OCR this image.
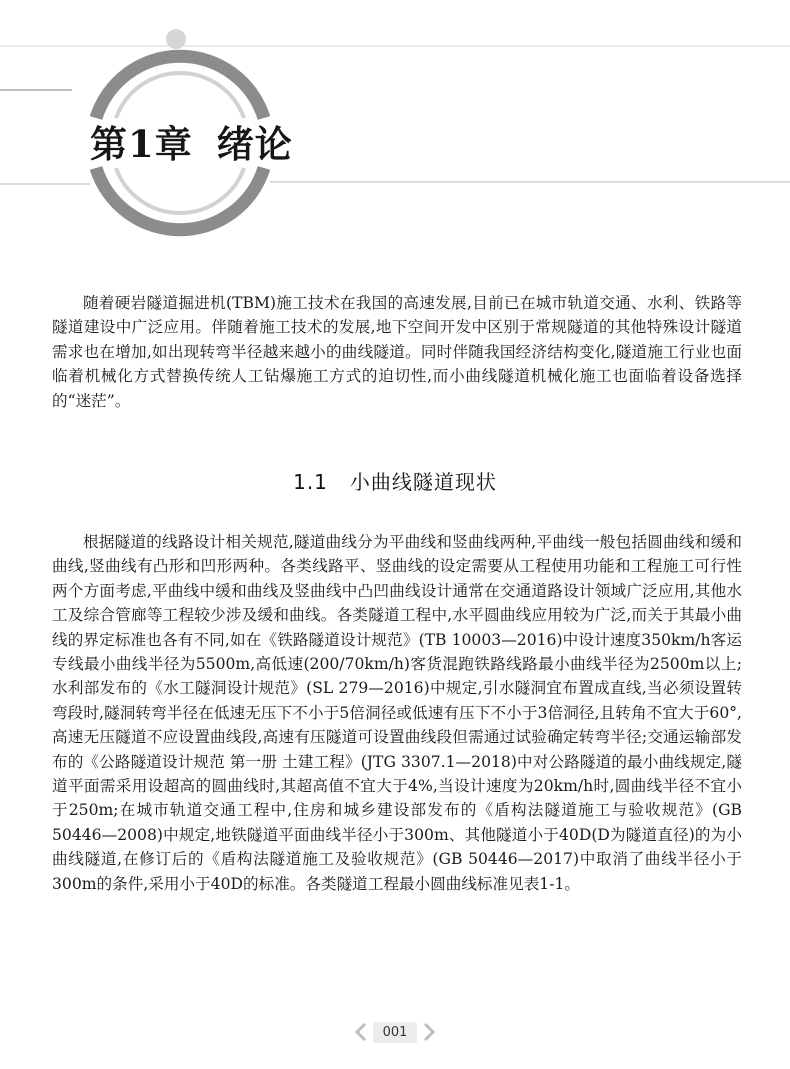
第1章 绪论

随着硬岩隧道掘进机(TBM)施工技术在我国的高速发展,目前已在城市轨道交通、水利、铁路等隧道建设中广泛应用。伴随着施工技术的发展,地下空间开发中区别于常规隧道的其他特殊设计隧道需求也在增加,如出现转弯半径越来越小的曲线隧道。同时伴随我国经济结构变化,隧道施工行业也面临着机械化方式替换传统人工钻爆施工方式的迫切性,而小曲线隧道机械化施工也面临着设备选择的“迷茫”。

1.1 小曲线隧道现状

根据隧道的线路设计相关规范,隧道曲线分为平曲线和竖曲线两种,平曲线一般包括圆曲线和缓和曲线,竖曲线有凸形和凹形两种。各类线路平、竖曲线的设定需要从工程使用功能和工程施工可行性两个方面考虑,平曲线中缓和曲线及竖曲线中凸凹曲线设计通常在交通道路设计领域广泛应用,其他水工及综合管廊等工程较少涉及缓和曲线。各类隧道工程中,水平圆曲线应用较为广泛,而关于其最小曲线的界定标准也各有不同,如在《铁路隧道设计规范》(TB 10003—2016)中设计速度350km/h客运专线最小曲线半径为5500m,高低速(200/70km/h)客货混跑铁路线路最小曲线半径为2500m以上;水利部发布的《水工隧洞设计规范》(SL 279—2016)中规定,引水隧洞宜布置成直线,当必须设置转弯段时,隧洞转弯半径在低速无压下不小于5倍洞径或低速有压下不小于3倍洞径,且转角不宜大于60°,高速无压隧道不应设置曲线段,高速有压隧道可设置曲线段但需通过试验确定转弯半径;交通运输部发布的《公路隧道设计规范 第一册 土建工程》(JTG 3307.1—2018)中对公路隧道的最小曲线规定,隧道平面需采用设超高的圆曲线时,其超高值不宜大于4%,当设计速度为20km/h时,圆曲线半径不宜小于250m;在城市轨道交通工程中,住房和城乡建设部发布的《盾构法隧道施工与验收规范》(GB 50446—2008)中规定,地铁隧道平面曲线半径小于300m、其他隧道小于40D(D为隧道直径)的为小曲线隧道,在修订后的《盾构法隧道施工及验收规范》(GB 50446—2017)中取消了曲线半径小于300m的条件,采用小于40D的标准。各类隧道工程最小圆曲线标准见表1-1。

001
